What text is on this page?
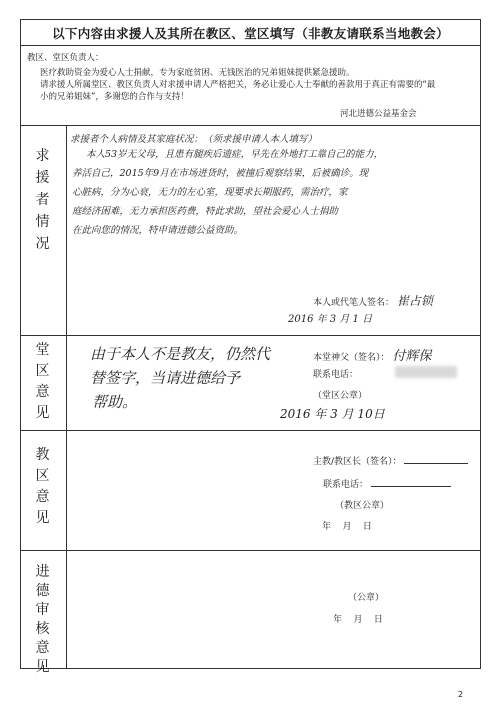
以下内容由求援人及其所在教区、堂区填写（非教友请联系当地教会）
教区、堂区负责人：
医疗救助资金为爱心人士捐献，专为家庭贫困、无钱医治的兄弟姐妹提供紧急援助。
请求援人所属堂区、教区负责人对求援申请人严格把关，务必让爱心人士奉献的善款用于真正有需要的“最
小的兄弟姐妹”，多谢您的合作与支持！
河北进德公益基金会
求援者情况
求援者个人病情及其家庭状况：（须求援申请人本人填写）
本人53岁无父母，且患有腿疾后遗症，早先在外地打工靠自己的能力，
养活自己，2015年9月在市场进货时，被撞后观察结果，后被确诊。现
心脏病，分为心衰，无力的左心室，现要求长期服药，需治疗，家
庭经济困难，无力承担医药费，特此求助，望社会爱心人士捐助
在此向您的情况，特申请进德公益资助。
本人或代笔人签名： 崔占锁
2016 年 3 月 1 日
堂区意见
由于本人不是教友，仍然代
替签字，当请进德给予
帮助。
本堂神父（签名）： 付辉保
联系电话：
（堂区公章）
2016 年 3 月 10日
教区意见
主教/教区长（签名）：
联系电话：
（教区公章）
年    月    日
进德审核意见
（公章）
年    月    日
2
